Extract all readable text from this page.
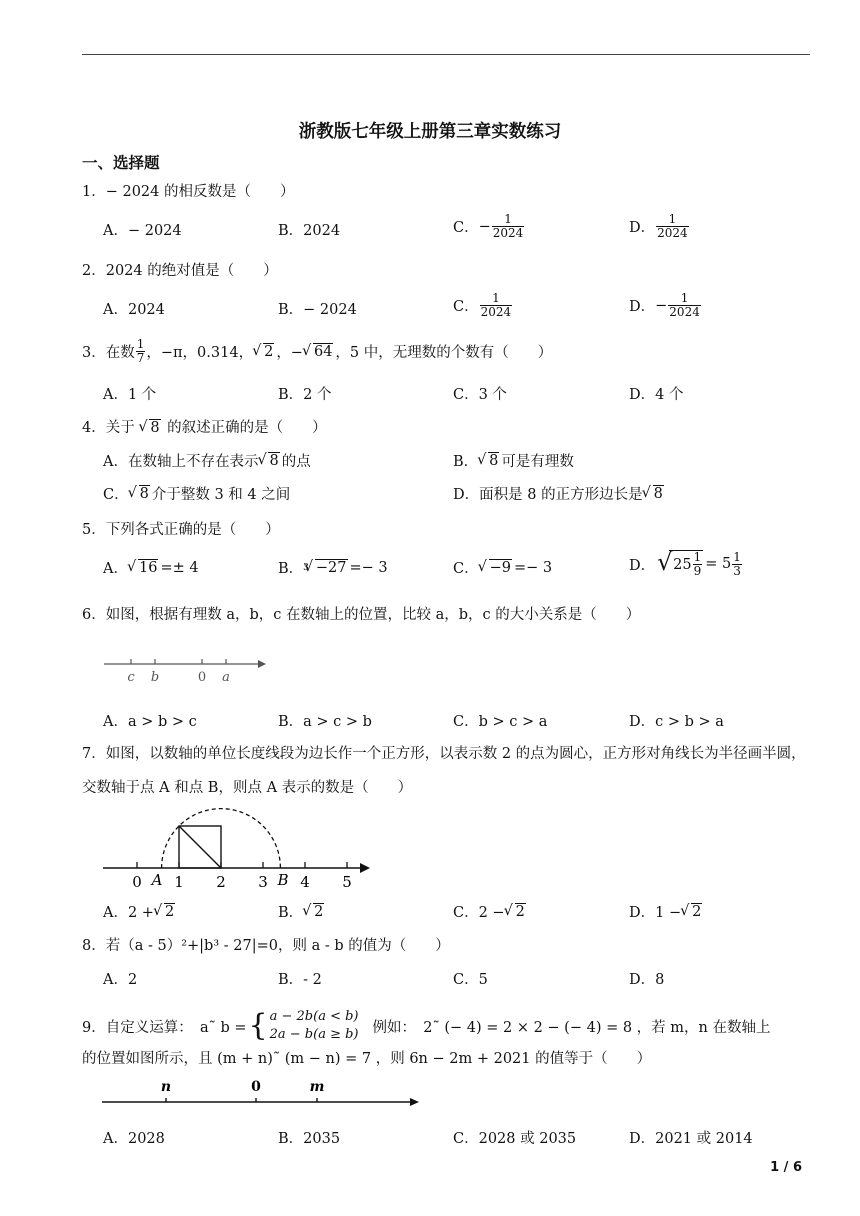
浙教版七年级上册第三章实数练习
一、选择题
1．− 2024 的相反数是（　　）
A．− 2024	B．2024	C． − $\frac{1}{2024}$	D． $\frac{1}{2024}$
2．2024 的绝对值是（　　）
A．2024	B．− 2024	C． $\frac{1}{2024}$	D． − $\frac{1}{2024}$
3．在数 $\frac{1}{7}$ ，−π，0.314， √ 2 ，− √ 64 ，5 中，无理数的个数有（　　）
A．1 个	B．2 个	C．3 个	D．4 个
4．关于 √ 8 的叙述正确的是（　　）
A．在数轴上不存在表示 √ 8 的点	B． √ 8 可是有理数
C． √ 8 介于整数 3 和 4 之间	D．面积是 8 的正方形边长是 √ 8
5．下列各式正确的是（　　）
A． √ 16 =± 4	B． 3 √ −27 =− 3	C． √ −9 =− 3	D． √ $25 \frac{1}{9} = 5 \frac{1}{3}$
6．如图，根据有理数 a，b，c 在数轴上的位置，比较 a，b，c 的大小关系是（　　）
c b	0 a
A．a > b > c	B．a > c > b	C．b > c > a	D．c > b > a
7．如图，以数轴的单位长度线段为边长作一个正方形，以表示数 2 的点为圆心，正方形对角线长为半径画半圆，交数轴于点 A 和点 B，则点 A 表示的数是（　　）
0 A 1 2 3 B 4 5
A．2 + √ 2	B． √ 2	C．2 − √ 2	D．1 − √ 2
8．若（a - 5）²+|b³ - 27|=0，则 a - b 的值为（　　）
A．2	B．- 2	C．5	D．8
9．自定义运算：　a˜ b = { a − 2b(a < b)
2a − b(a ≥ b) 例如：　2˜ (− 4) = 2 × 2 − (− 4) = 8 ，若 m，n 在数轴上
的位置如图所示，且 (m + n)˜ (m − n) = 7 ，则 6n − 2m + 2021 的值等于（　　）
n	0	m
A．2028	B．2035	C．2028 或 2035	D．2021 或 2014
1 / 6
